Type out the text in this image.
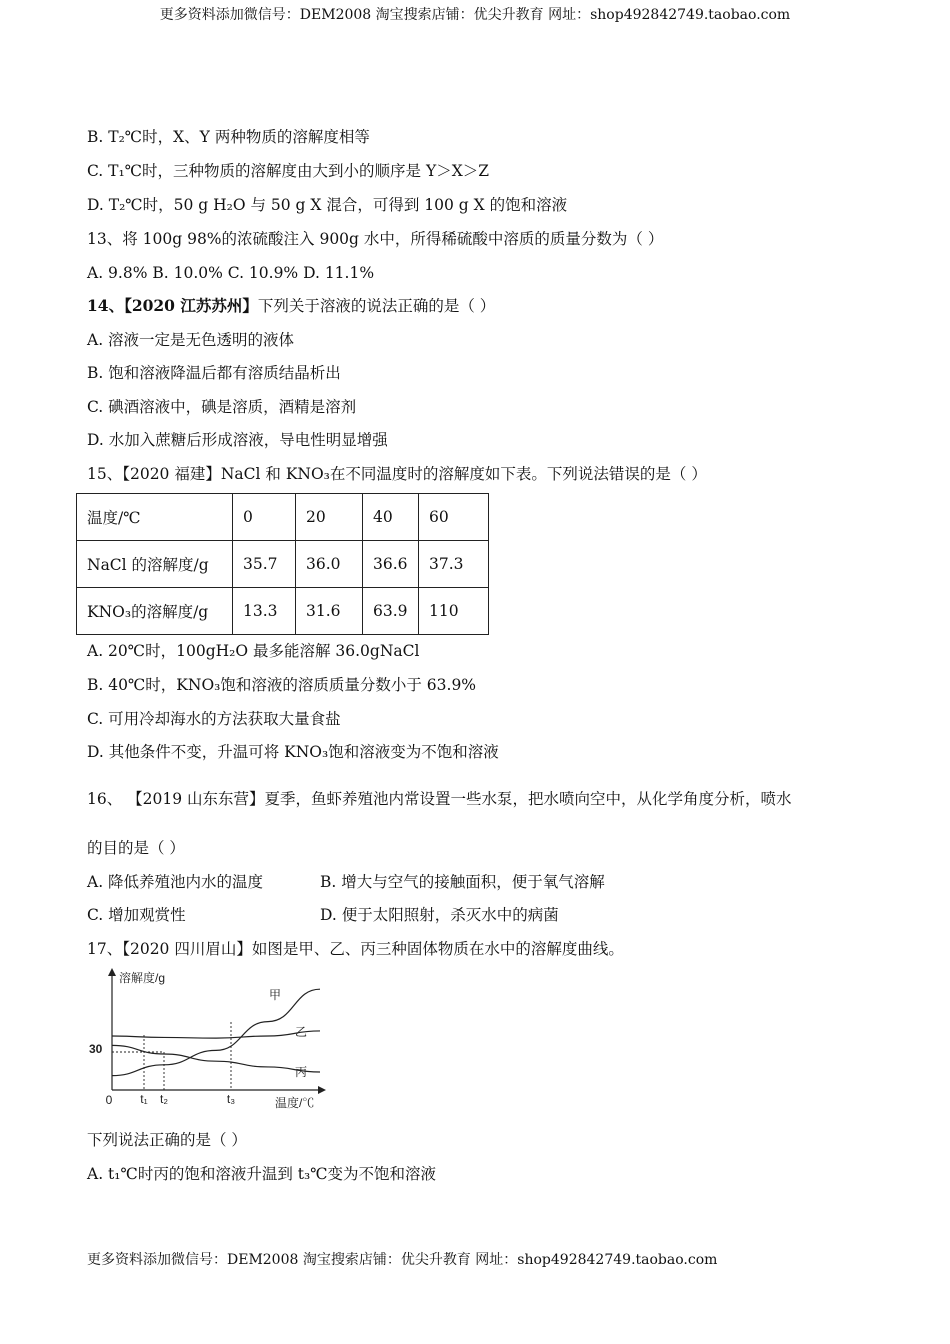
更多资料添加微信号：DEM2008 淘宝搜索店铺：优尖升教育 网址：shop492842749.taobao.com
B. T₂℃时，X、Y 两种物质的溶解度相等
C. T₁℃时，三种物质的溶解度由大到小的顺序是 Y＞X＞Z
D. T₂℃时，50 g H₂O 与 50 g X 混合，可得到 100 g X 的饱和溶液
13、将 100g 98%的浓硫酸注入 900g 水中，所得稀硫酸中溶质的质量分数为（ ）
A. 9.8% B. 10.0% C. 10.9% D. 11.1%
14、【2020 江苏苏州】下列关于溶液的说法正确的是（ ）
A. 溶液一定是无色透明的液体
B. 饱和溶液降温后都有溶质结晶析出
C. 碘酒溶液中，碘是溶质，酒精是溶剂
D. 水加入蔗糖后形成溶液，导电性明显增强
15、【2020 福建】NaCl 和 KNO₃在不同温度时的溶解度如下表。下列说法错误的是（ ）
温度/℃	0	20	40	60
NaCl 的溶解度/g	35.7	36.0	36.6	37.3
KNO₃的溶解度/g	13.3	31.6	63.9	110
A. 20℃时，100gH₂O 最多能溶解 36.0gNaCl
B. 40℃时，KNO₃饱和溶液的溶质质量分数小于 63.9%
C. 可用冷却海水的方法获取大量食盐
D. 其他条件不变，升温可将 KNO₃饱和溶液变为不饱和溶液
16、 【2019 山东东营】夏季，鱼虾养殖池内常设置一些水泵，把水喷向空中，从化学角度分析，喷水
的目的是（ ）
A. 降低养殖池内水的温度	B. 增大与空气的接触面积，便于氧气溶解
C. 增加观赏性	D. 便于太阳照射，杀灭水中的病菌
17、【2020 四川眉山】如图是甲、乙、丙三种固体物质在水中的溶解度曲线。
溶解度/g
温度/℃
0
30
t₁ t₂	t₃
甲
乙
丙
下列说法正确的是（ ）
A. t₁℃时丙的饱和溶液升温到 t₃℃变为不饱和溶液
更多资料添加微信号：DEM2008 淘宝搜索店铺：优尖升教育 网址：shop492842749.taobao.com
